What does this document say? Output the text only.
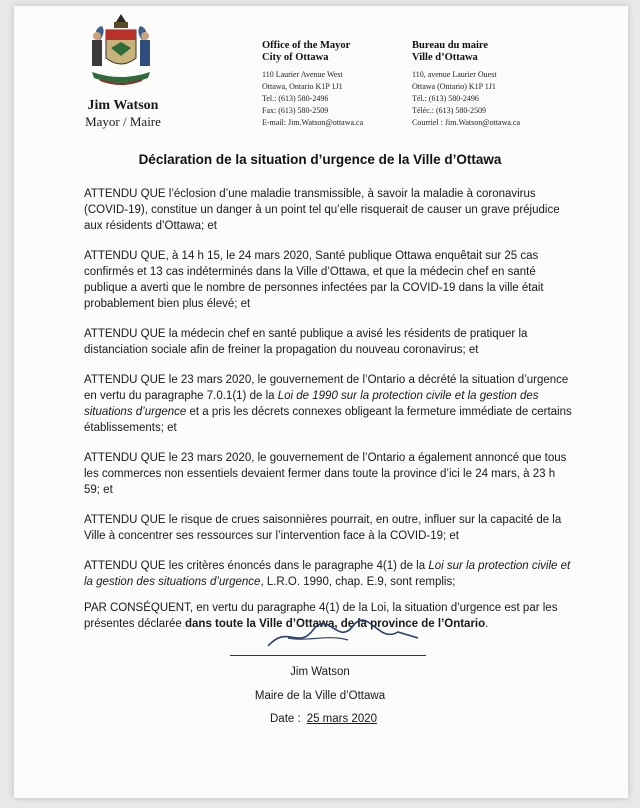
Jim Watson
Mayor / Maire
Office of the Mayor
City of Ottawa
110 Laurier Avenue West
Ottawa, Ontario K1P 1J1
Tel.: (613) 580-2496
Fax: (613) 580-2509
E-mail: Jim.Watson@ottawa.ca
Bureau du maire
Ville d’Ottawa
110, avenue Laurier Ouest
Ottawa (Ontario) K1P 1J1
Tél.: (613) 580-2496
Téléc.: (613) 580-2509
Courriel : Jim.Watson@ottawa.ca
Déclaration de la situation d’urgence de la Ville d’Ottawa

ATTENDU QUE l’éclosion d’une maladie transmissible, à savoir la maladie à coronavirus (COVID-19), constitue un danger à un point tel qu’elle risquerait de causer un grave préjudice aux résidents d’Ottawa; et

ATTENDU QUE, à 14 h 15, le 24 mars 2020, Santé publique Ottawa enquêtait sur 25 cas confirmés et 13 cas indéterminés dans la Ville d’Ottawa, et que la médecin chef en santé publique a averti que le nombre de personnes infectées par la COVID-19 dans la ville était probablement bien plus élevé; et

ATTENDU QUE la médecin chef en santé publique a avisé les résidents de pratiquer la distanciation sociale afin de freiner la propagation du nouveau coronavirus; et

ATTENDU QUE le 23 mars 2020, le gouvernement de l’Ontario a décrété la situation d’urgence en vertu du paragraphe 7.0.1(1) de la Loi de 1990 sur la protection civile et la gestion des situations d’urgence et a pris les décrets connexes obligeant la fermeture immédiate de certains établissements; et

ATTENDU QUE le 23 mars 2020, le gouvernement de l’Ontario a également annoncé que tous les commerces non essentiels devaient fermer dans toute la province d’ici le 24 mars, à 23 h 59; et

ATTENDU QUE le risque de crues saisonnières pourrait, en outre, influer sur la capacité de la Ville à concentrer ses ressources sur l’intervention face à la COVID-19; et

ATTENDU QUE les critères énoncés dans le paragraphe 4(1) de la Loi sur la protection civile et la gestion des situations d’urgence, L.R.O. 1990, chap. E.9, sont remplis;

PAR CONSÉQUENT, en vertu du paragraphe 4(1) de la Loi, la situation d’urgence est par les présentes déclarée dans toute la Ville d’Ottawa, de la province de l’Ontario.

Jim Watson
Maire de la Ville d’Ottawa
Date : 25 mars 2020
